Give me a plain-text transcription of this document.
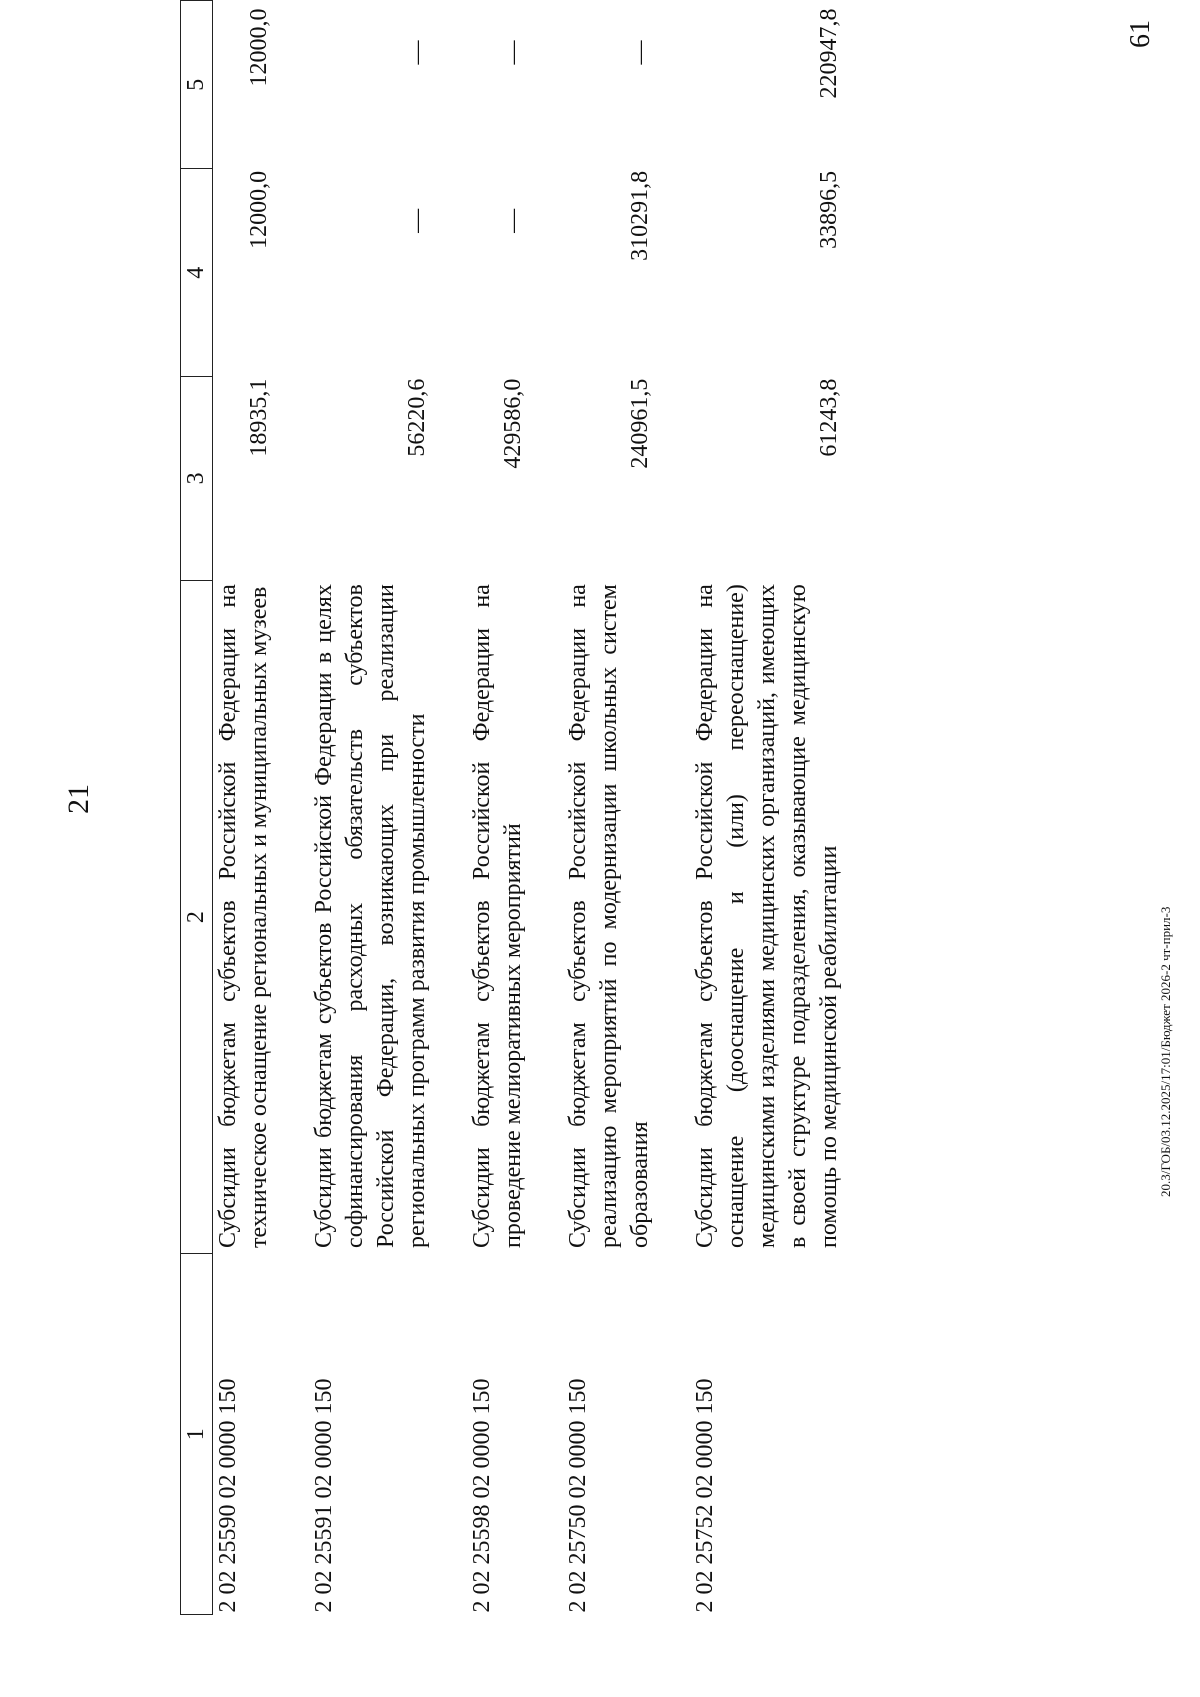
21
1	2	3	4	5
2 02 25590 02 0000 150	Субсидии бюджетам субъектов Российской Федерации на техническое оснащение региональных и муниципальных музеев	18935,1	12000,0	12000,0
2 02 25591 02 0000 150	Субсидии бюджетам субъектов Российской Федерации в целях софинансирования расходных обязательств субъектов Российской Федерации, возникающих при реализации региональных программ развития промышленности	56220,6	—	—
2 02 25598 02 0000 150	Субсидии бюджетам субъектов Российской Федерации на проведение мелиоративных мероприятий	429586,0	—	—
2 02 25750 02 0000 150	Субсидии бюджетам субъектов Российской Федерации на реализацию мероприятий по модернизации школьных систем образования	240961,5	310291,8	—
2 02 25752 02 0000 150	Субсидии бюджетам субъектов Российской Федерации на оснащение (дооснащение и (или) переоснащение) медицинскими изделиями медицинских организаций, имеющих в своей структуре подразделения, оказывающие медицинскую помощь по медицинской реабилитации	61243,8	33896,5	220947,8
20.3/ГОБ/03.12.2025/17:01/Бюджет 2026-2 чт-прил-3
61
